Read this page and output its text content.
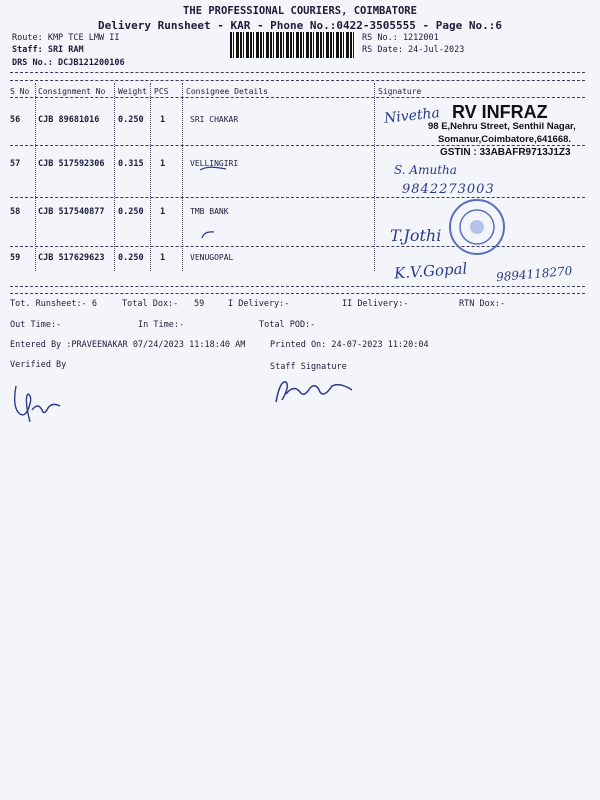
THE PROFESSIONAL COURIERS, COIMBATORE
Delivery Runsheet - KAR - Phone No.:0422-3505555 - Page No.:6
Route: KMP TCE LMW II
Staff: SRI RAM
DRS No.: DCJB121200106
RS No.: 1212001
RS Date: 24-Jul-2023
S No Consignment No Weight PCS Consignee Details	Signature
56 CJB 89681016 0.250 1	SRI CHAKAR
57 CJB 517592306 0.315 1	VELLINGIRI
58 CJB 517540877 0.250 1	TMB BANK
59 CJB 517629623 0.250 1	VENUGOPAL
Tot. Runsheet:- 6	Total Dox:- 59	I Delivery:-	II Delivery:-	RTN Dox:-
Out Time:-	In Time:-	Total POD:-
Entered By :PRAVEENAKAR 07/24/2023 11:18:40 AM	Printed On: 24-07-2023 11:20:04
Verified By	Staff Signature
Nivetha
S. Amutha
9842273003
T.Jothi
K.V.Gopal 9894118270
RV INFRAZ
98 E,Nehru Street, Senthil Nagar,
Somanur,Coimbatore,641668.
GSTIN : 33ABAFR9713J1Z3
